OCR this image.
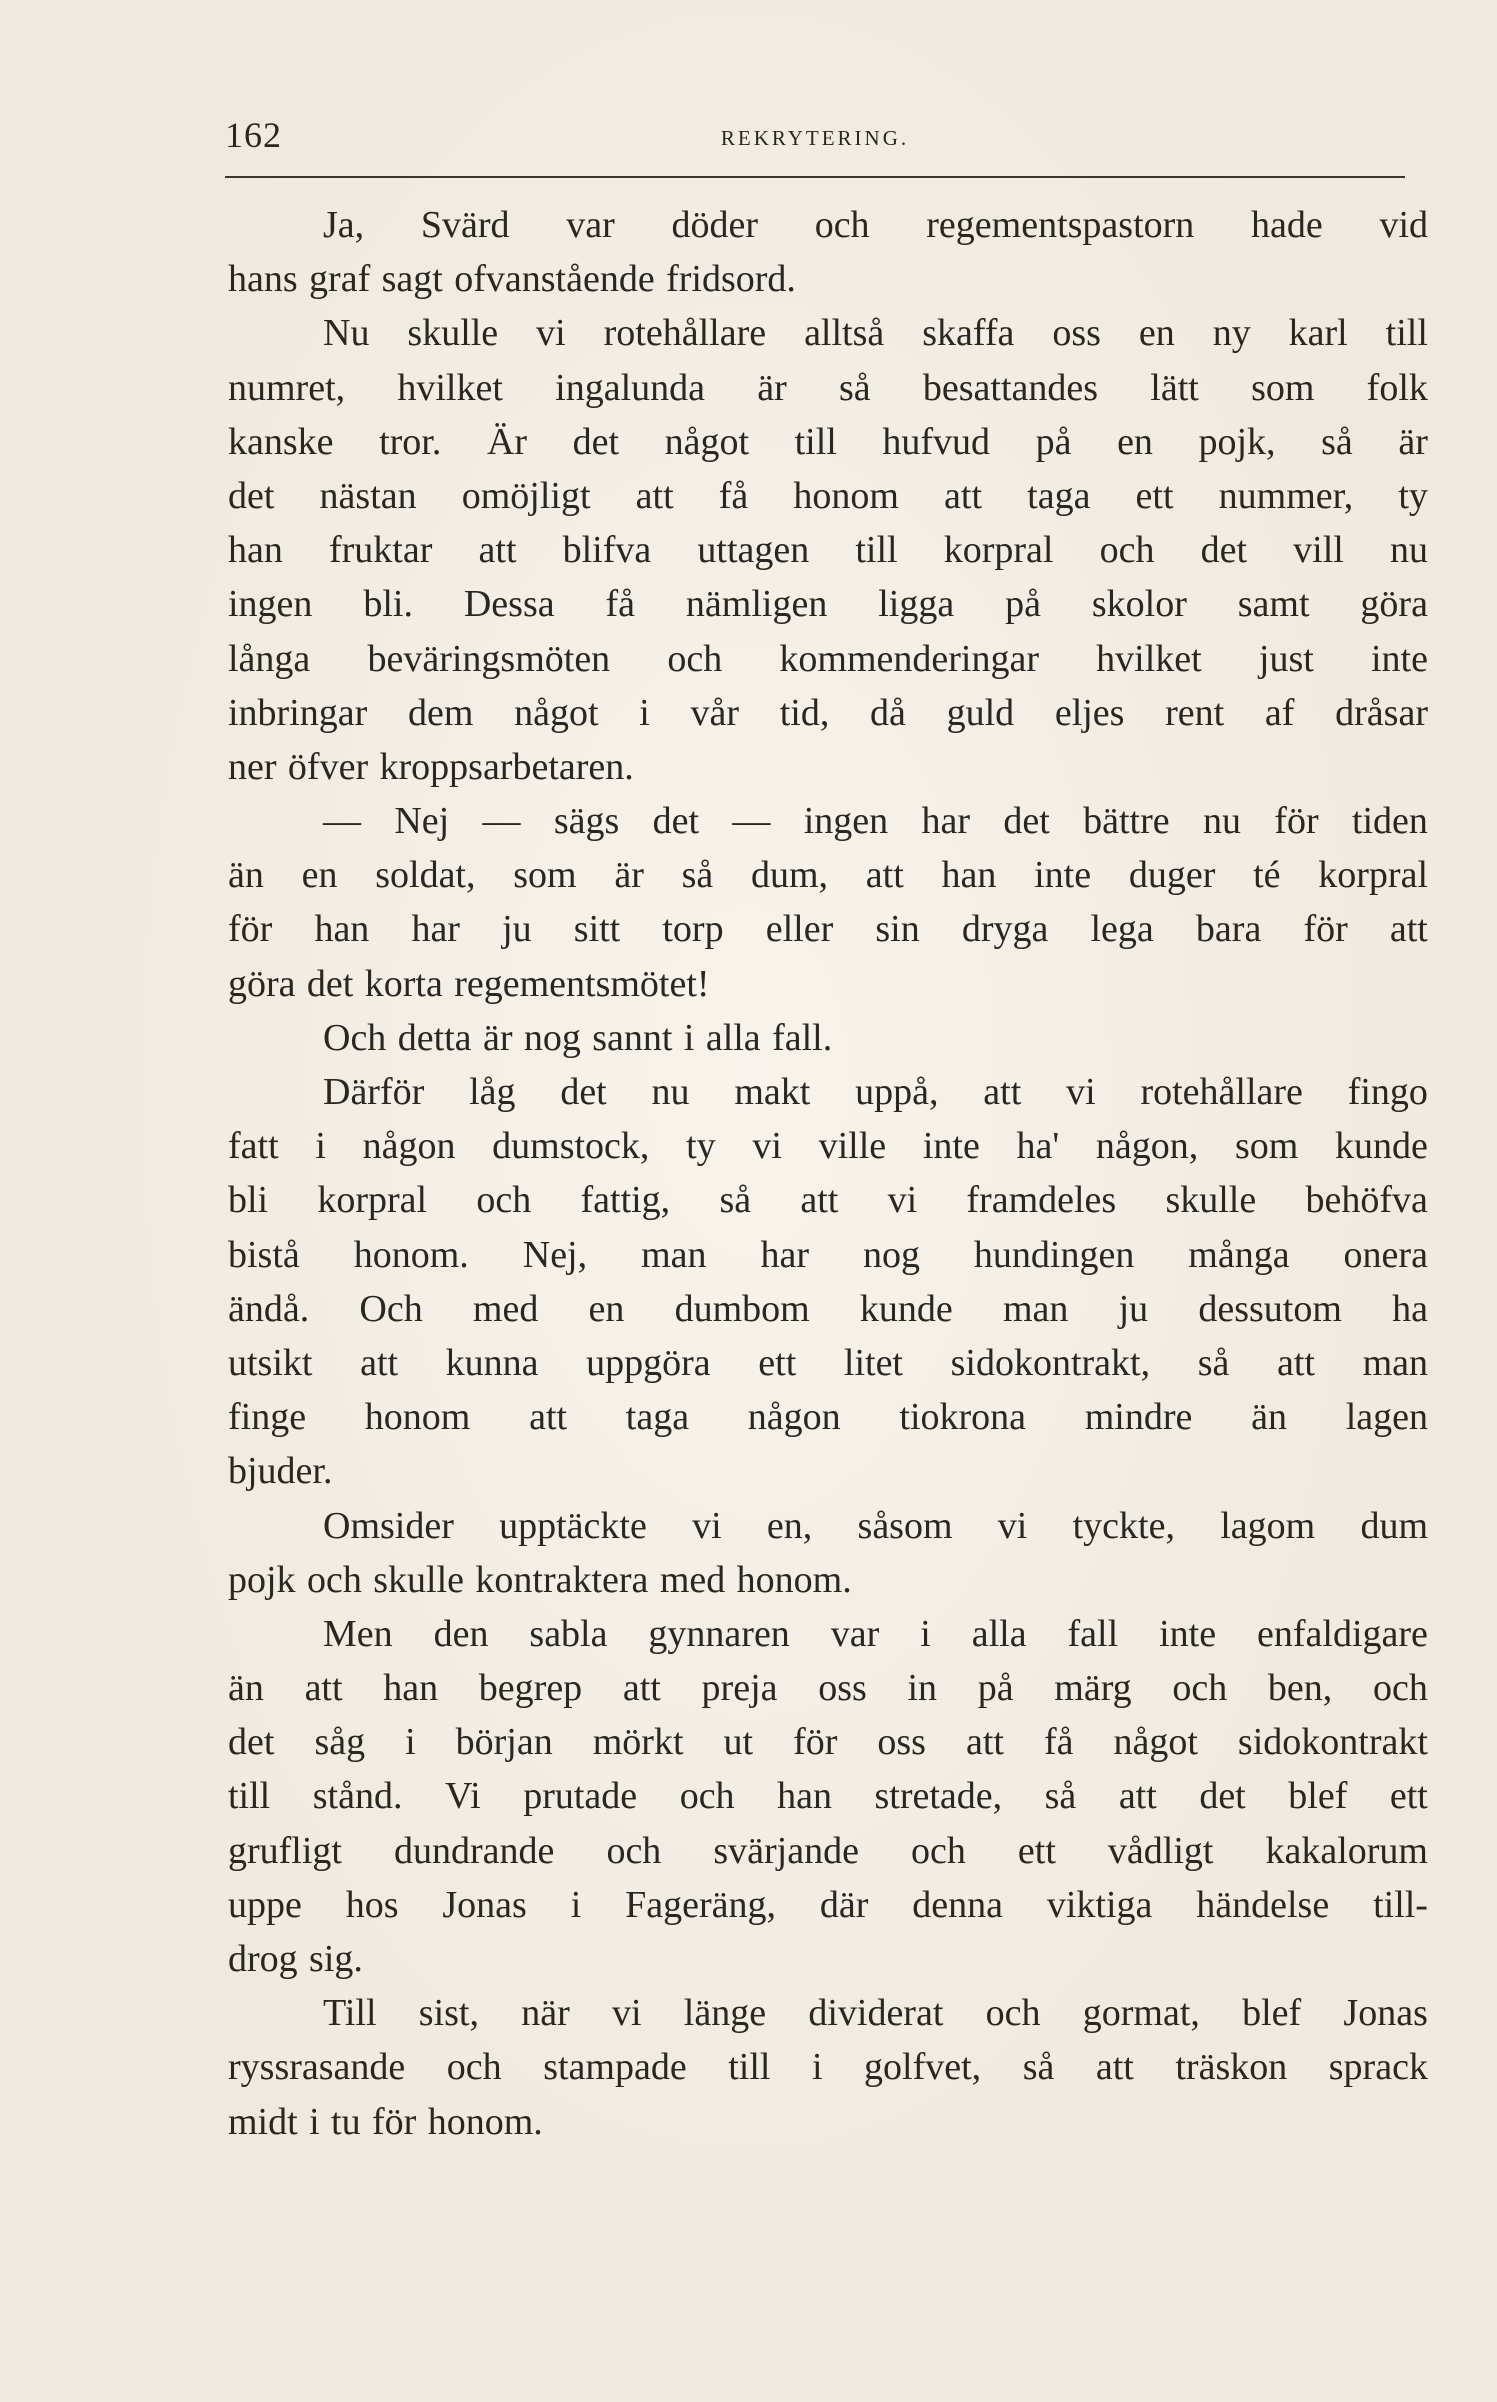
162	REKRYTERING.
Ja, Svärd var döder och regementspastorn hade vid
hans graf sagt ofvanstående fridsord.
Nu skulle vi rotehållare alltså skaffa oss en ny karl till
numret, hvilket ingalunda är så besattandes lätt som folk
kanske tror. Är det något till hufvud på en pojk, så är
det nästan omöjligt att få honom att taga ett nummer, ty
han fruktar att blifva uttagen till korpral och det vill nu
ingen bli. Dessa få nämligen ligga på skolor samt göra
långa beväringsmöten och kommenderingar hvilket just inte
inbringar dem något i vår tid, då guld eljes rent af dråsar
ner öfver kroppsarbetaren.
— Nej — sägs det — ingen har det bättre nu för tiden
än en soldat, som är så dum, att han inte duger té korpral
för han har ju sitt torp eller sin dryga lega bara för att
göra det korta regementsmötet!
Och detta är nog sannt i alla fall.
Därför låg det nu makt uppå, att vi rotehållare fingo
fatt i någon dumstock, ty vi ville inte ha' någon, som kunde
bli korpral och fattig, så att vi framdeles skulle behöfva
bistå honom. Nej, man har nog hundingen många onera
ändå. Och med en dumbom kunde man ju dessutom ha
utsikt att kunna uppgöra ett litet sidokontrakt, så att man
finge honom att taga någon tiokrona mindre än lagen
bjuder.
Omsider upptäckte vi en, såsom vi tyckte, lagom dum
pojk och skulle kontraktera med honom.
Men den sabla gynnaren var i alla fall inte enfaldigare
än att han begrep att preja oss in på märg och ben, och
det såg i början mörkt ut för oss att få något sidokontrakt
till stånd. Vi prutade och han stretade, så att det blef ett
grufligt dundrande och svärjande och ett vådligt kakalorum
uppe hos Jonas i Fageräng, där denna viktiga händelse till-
drog sig.
Till sist, när vi länge dividerat och gormat, blef Jonas
ryssrasande och stampade till i golfvet, så att träskon sprack
midt i tu för honom.
